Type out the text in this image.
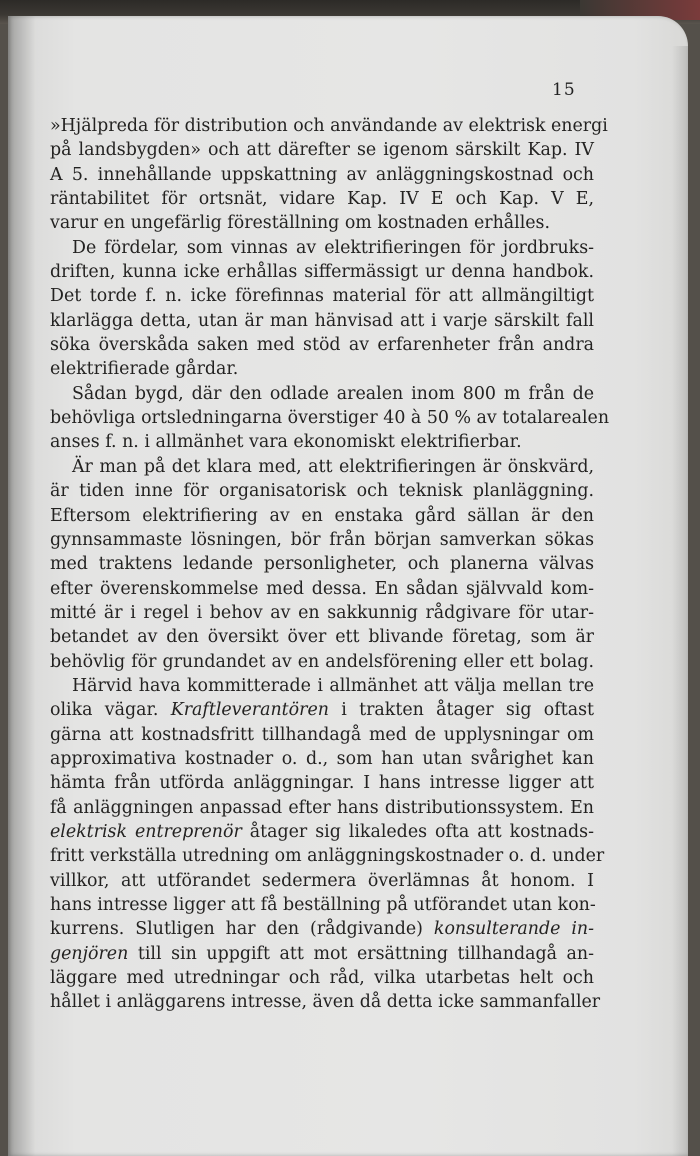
15
»Hjälpreda för distribution och användande av elektrisk energi
på landsbygden» och att därefter se igenom särskilt Kap. IV
A 5. innehållande uppskattning av anläggningskostnad och
räntabilitet för ortsnät, vidare Kap. IV E och Kap. V E,
varur en ungefärlig föreställning om kostnaden erhålles.
De fördelar, som vinnas av elektrifieringen för jordbruks-
driften, kunna icke erhållas siffermässigt ur denna handbok.
Det torde f. n. icke förefinnas material för att allmängiltigt
klarlägga detta, utan är man hänvisad att i varje särskilt fall
söka överskåda saken med stöd av erfarenheter från andra
elektrifierade gårdar.
Sådan bygd, där den odlade arealen inom 800 m från de
behövliga ortsledningarna överstiger 40 à 50 % av totalarealen
anses f. n. i allmänhet vara ekonomiskt elektrifierbar.
Är man på det klara med, att elektrifieringen är önskvärd,
är tiden inne för organisatorisk och teknisk planläggning.
Eftersom elektrifiering av en enstaka gård sällan är den
gynnsammaste lösningen, bör från början samverkan sökas
med traktens ledande personligheter, och planerna välvas
efter överenskommelse med dessa. En sådan självvald kom-
mitté är i regel i behov av en sakkunnig rådgivare för utar-
betandet av den översikt över ett blivande företag, som är
behövlig för grundandet av en andelsförening eller ett bolag.
Härvid hava kommitterade i allmänhet att välja mellan tre
olika vägar. Kraftleverantören i trakten åtager sig oftast
gärna att kostnadsfritt tillhandagå med de upplysningar om
approximativa kostnader o. d., som han utan svårighet kan
hämta från utförda anläggningar. I hans intresse ligger att
få anläggningen anpassad efter hans distributionssystem. En
elektrisk entreprenör åtager sig likaledes ofta att kostnads-
fritt verkställa utredning om anläggningskostnader o. d. under
villkor, att utförandet sedermera överlämnas åt honom. I
hans intresse ligger att få beställning på utförandet utan kon-
kurrens. Slutligen har den (rådgivande) konsulterande in-
genjören till sin uppgift att mot ersättning tillhandagå an-
läggare med utredningar och råd, vilka utarbetas helt och
hållet i anläggarens intresse, även då detta icke sammanfaller
